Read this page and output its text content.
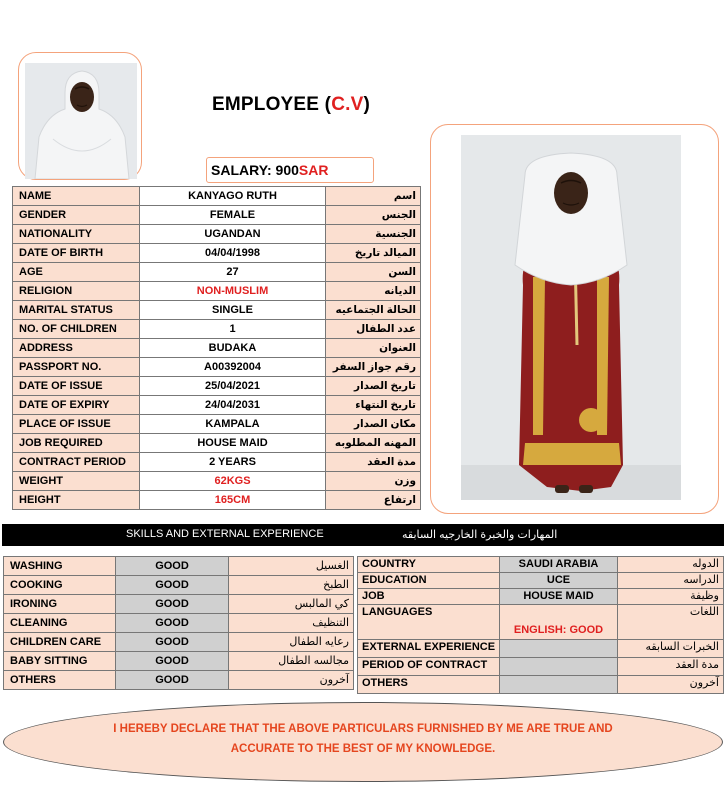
EMPLOYEE (C.V)
SALARY: 900SAR
NAME	KANYAGO RUTH	اسم
GENDER	FEMALE	الجنس
NATIONALITY	UGANDAN	الجنسية
DATE OF BIRTH	04/04/1998	الميالد تاريخ
AGE	27	السن
RELIGION	NON-MUSLIM	الديانه
MARITAL STATUS	SINGLE	الحالة الجتماعيه
NO. OF CHILDREN	1	عدد الطفال
ADDRESS	BUDAKA	العنوان
PASSPORT NO.	A00392004	رقم جواز السفر
DATE OF ISSUE	25/04/2021	تاريخ الصدار
DATE OF EXPIRY	24/04/2031	تاريخ النتهاء
PLACE OF ISSUE	KAMPALA	مكان الصدار
JOB REQUIRED	HOUSE MAID	المهنه المطلوبه
CONTRACT PERIOD	2 YEARS	مدة العقد
WEIGHT	62KGS	وزن
HEIGHT	165CM	ارتفاع
SKILLS AND EXTERNAL EXPERIENCE	المهارات والخبرة الخارجيه السابقه
WASHING	GOOD	الغسيل
COOKING	GOOD	الطبخ
IRONING	GOOD	كي المالبس
CLEANING	GOOD	التنظيف
CHILDREN CARE	GOOD	رعايه الطفال
BABY SITTING	GOOD	مجالسه الطفال
OTHERS	GOOD	آخرون
COUNTRY	SAUDI ARABIA	الدوله
EDUCATION	UCE	الدراسه
JOB	HOUSE MAID	وظيفة
LANGUAGES	ENGLISH: GOOD	اللغات
EXTERNAL EXPERIENCE		الخبرات السابقه
PERIOD OF CONTRACT		مدة العقد
OTHERS		آخرون
I HEREBY DECLARE THAT THE ABOVE PARTICULARS FURNISHED BY ME ARE TRUE AND
ACCURATE TO THE BEST OF MY KNOWLEDGE.
